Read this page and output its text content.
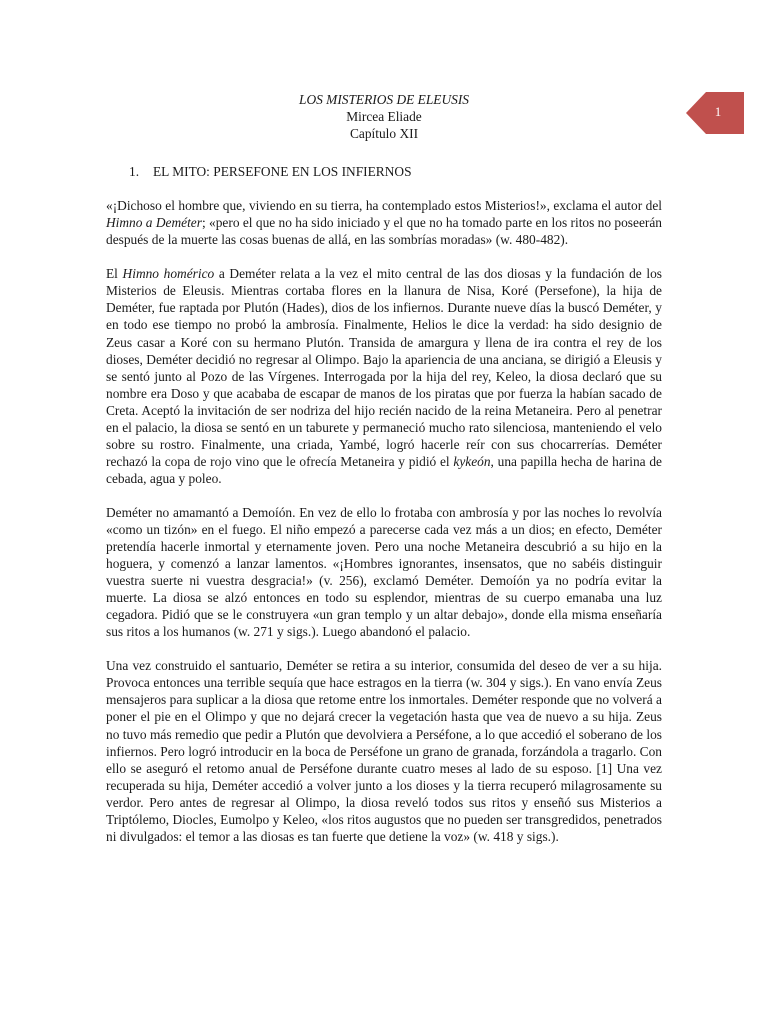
1
LOS MISTERIOS DE ELEUSIS
Mircea Eliade
Capítulo XII
1. EL MITO: PERSEFONE EN LOS INFIERNOS

«¡Dichoso el hombre que, viviendo en su tierra, ha contemplado estos Misterios!», exclama el autor del Himno a Deméter; «pero el que no ha sido iniciado y el que no ha tomado parte en los ritos no poseerán después de la muerte las cosas buenas de allá, en las sombrías moradas» (w. 480-482).

El Himno homérico a Deméter relata a la vez el mito central de las dos diosas y la fundación de los Misterios de Eleusis. Mientras cortaba flores en la llanura de Nisa, Koré (Persefone), la hija de Deméter, fue raptada por Plutón (Hades), dios de los infiernos. Durante nueve días la buscó Deméter, y en todo ese tiempo no probó la ambrosía. Finalmente, Helios le dice la verdad: ha sido designio de Zeus casar a Koré con su hermano Plutón. Transida de amargura y llena de ira contra el rey de los dioses, Deméter decidió no regresar al Olimpo. Bajo la apariencia de una anciana, se dirigió a Eleusis y se sentó junto al Pozo de las Vírgenes. Interrogada por la hija del rey, Keleo, la diosa declaró que su nombre era Doso y que acababa de escapar de manos de los piratas que por fuerza la habían sacado de Creta. Aceptó la invitación de ser nodriza del hijo recién nacido de la reina Metaneira. Pero al penetrar en el palacio, la diosa se sentó en un taburete y permaneció mucho rato silenciosa, manteniendo el velo sobre su rostro. Finalmente, una criada, Yambé, logró hacerle reír con sus chocarrerías. Deméter rechazó la copa de rojo vino que le ofrecía Metaneira y pidió el kykeón, una papilla hecha de harina de cebada, agua y poleo.

Deméter no amamantó a Demoíón. En vez de ello lo frotaba con ambrosía y por las noches lo revolvía «como un tizón» en el fuego. El niño empezó a parecerse cada vez más a un dios; en efecto, Deméter pretendía hacerle inmortal y eternamente joven. Pero una noche Metaneira descubrió a su hijo en la hoguera, y comenzó a lanzar lamentos. «¡Hombres ignorantes, insensatos, que no sabéis distinguir vuestra suerte ni vuestra desgracia!» (v. 256), exclamó Deméter. Demoíón ya no podría evitar la muerte. La diosa se alzó entonces en todo su esplendor, mientras de su cuerpo emanaba una luz cegadora. Pidió que se le construyera «un gran templo y un altar debajo», donde ella misma enseñaría sus ritos a los humanos (w. 271 y sigs.). Luego abandonó el palacio.

Una vez construido el santuario, Deméter se retira a su interior, consumida del deseo de ver a su hija. Provoca entonces una terrible sequía que hace estragos en la tierra (w. 304 y sigs.). En vano envía Zeus mensajeros para suplicar a la diosa que retome entre los inmortales. Deméter responde que no volverá a poner el pie en el Olimpo y que no dejará crecer la vegetación hasta que vea de nuevo a su hija. Zeus no tuvo más remedio que pedir a Plutón que devolviera a Perséfone, a lo que accedió el soberano de los infiernos. Pero logró introducir en la boca de Perséfone un grano de granada, forzándola a tragarlo. Con ello se aseguró el retomo anual de Perséfone durante cuatro meses al lado de su esposo. [1] Una vez recuperada su hija, Deméter accedió a volver junto a los dioses y la tierra recuperó milagrosamente su verdor. Pero antes de regresar al Olimpo, la diosa reveló todos sus ritos y enseñó sus Misterios a Triptólemo, Diocles, Eumolpo y Keleo, «los ritos augustos que no pueden ser transgredidos, penetrados ni divulgados: el temor a las diosas es tan fuerte que detiene la voz» (w. 418 y sigs.).
